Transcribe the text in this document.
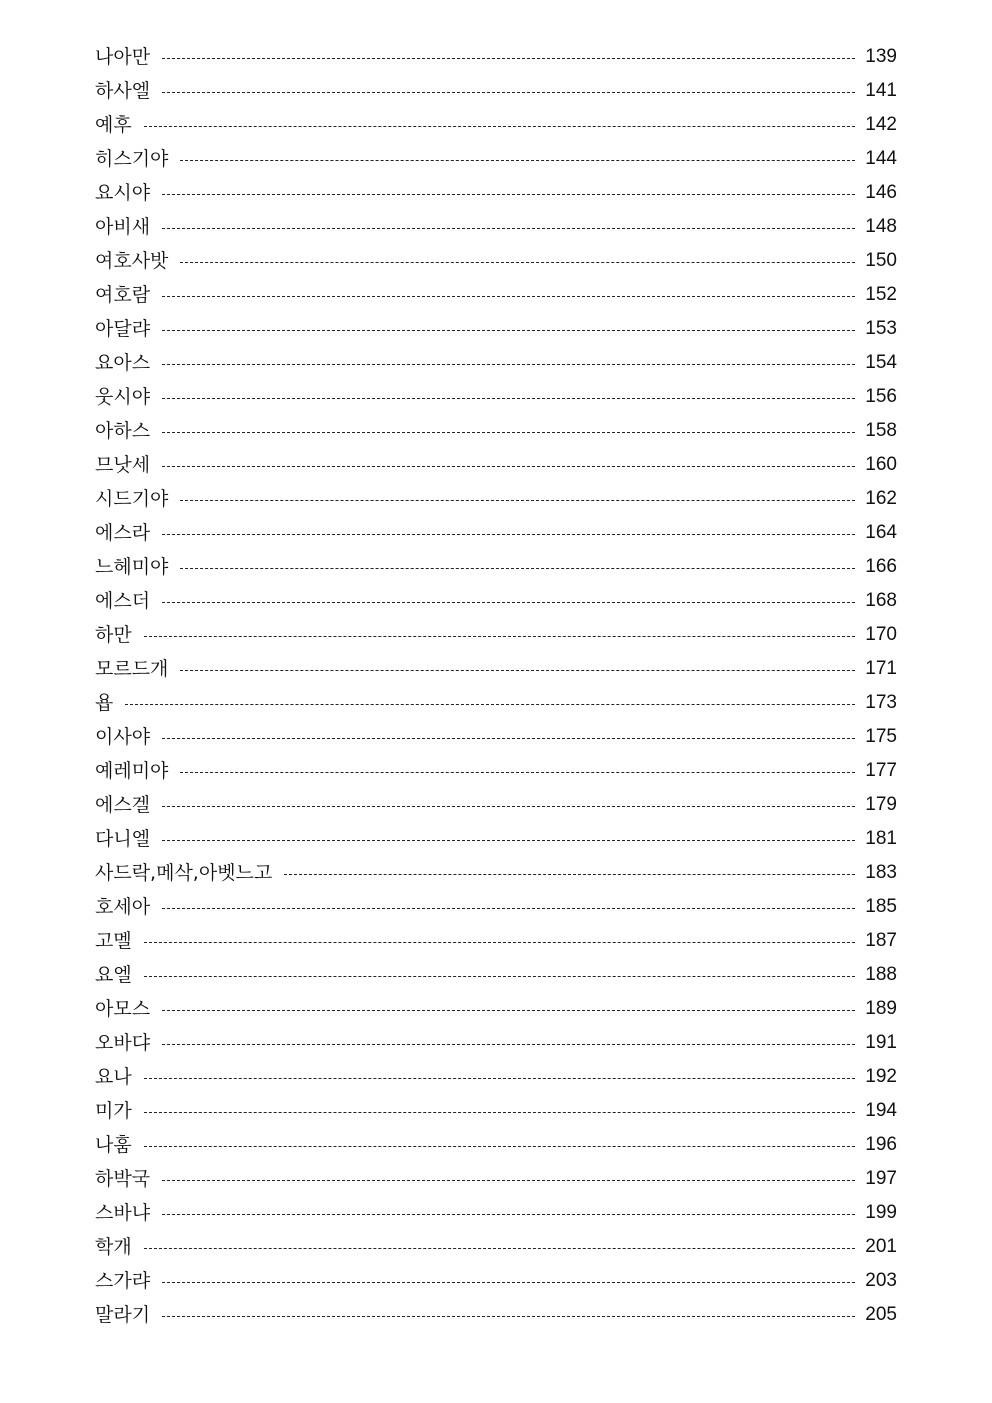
나아만	139
하사엘	141
예후	142
히스기야	144
요시야	146
아비새	148
여호사밧	150
여호람	152
아달랴	153
요아스	154
웃시야	156
아하스	158
므낫세	160
시드기야	162
에스라	164
느헤미야	166
에스더	168
하만	170
모르드개	171
욥	173
이사야	175
예레미야	177
에스겔	179
다니엘	181
사드락,메삭,아벳느고	183
호세아	185
고멜	187
요엘	188
아모스	189
오바댜	191
요나	192
미가	194
나훔	196
하박국	197
스바냐	199
학개	201
스가랴	203
말라기	205
